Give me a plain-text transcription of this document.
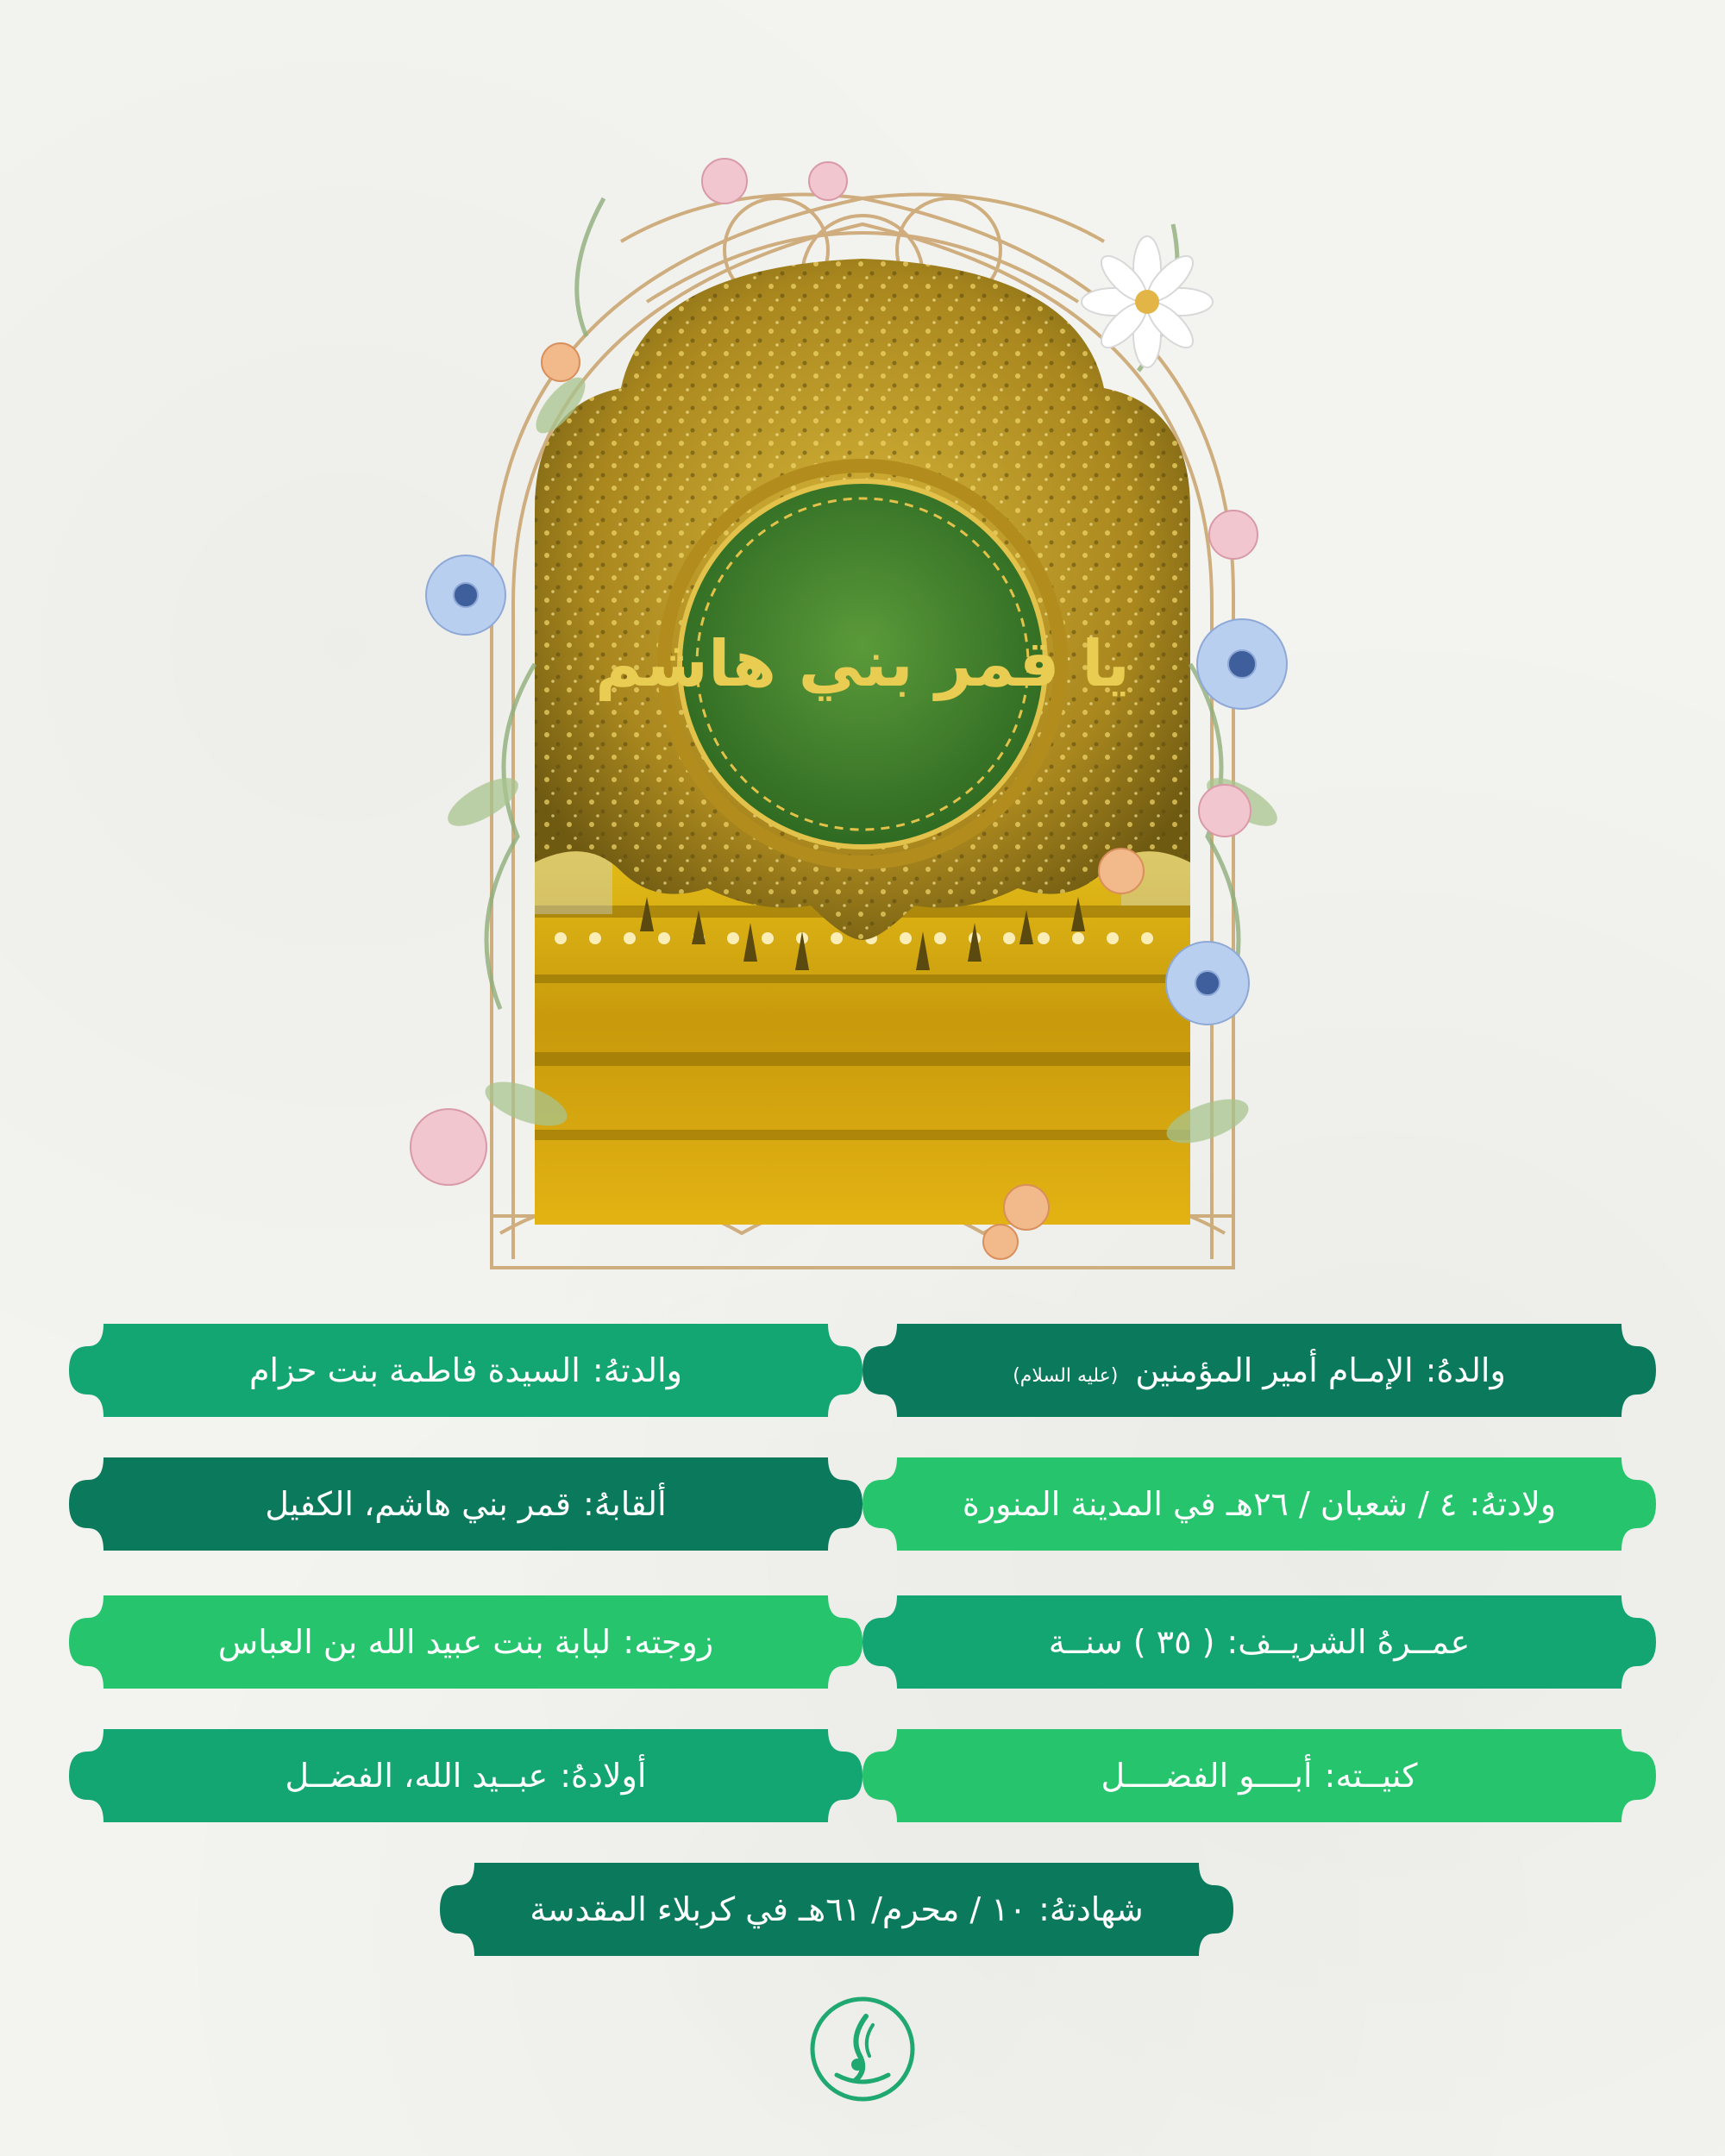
يا قمر بني هاشم
والدهُ:
الإمـام أمير المؤمنين
(عليه السلام)
والدتهُ:
السيدة فاطمة بنت حزام
ولادتهُ:
٤ / شعبان / ٢٦هـ في المدينة المنورة
ألقابهُ:
قمر بني هاشم، الكفيل
عمــرهُ الشريــف:
( ٣٥ ) سنــة
زوجته:
لبابة بنت عبيد الله بن العباس
كنيــته:
أبــــو الفضــــل
أولادهُ:
عبــيد الله، الفضــل
شهادتهُ:
١٠ / محرم/ ٦١هـ في كربلاء المقدسة
